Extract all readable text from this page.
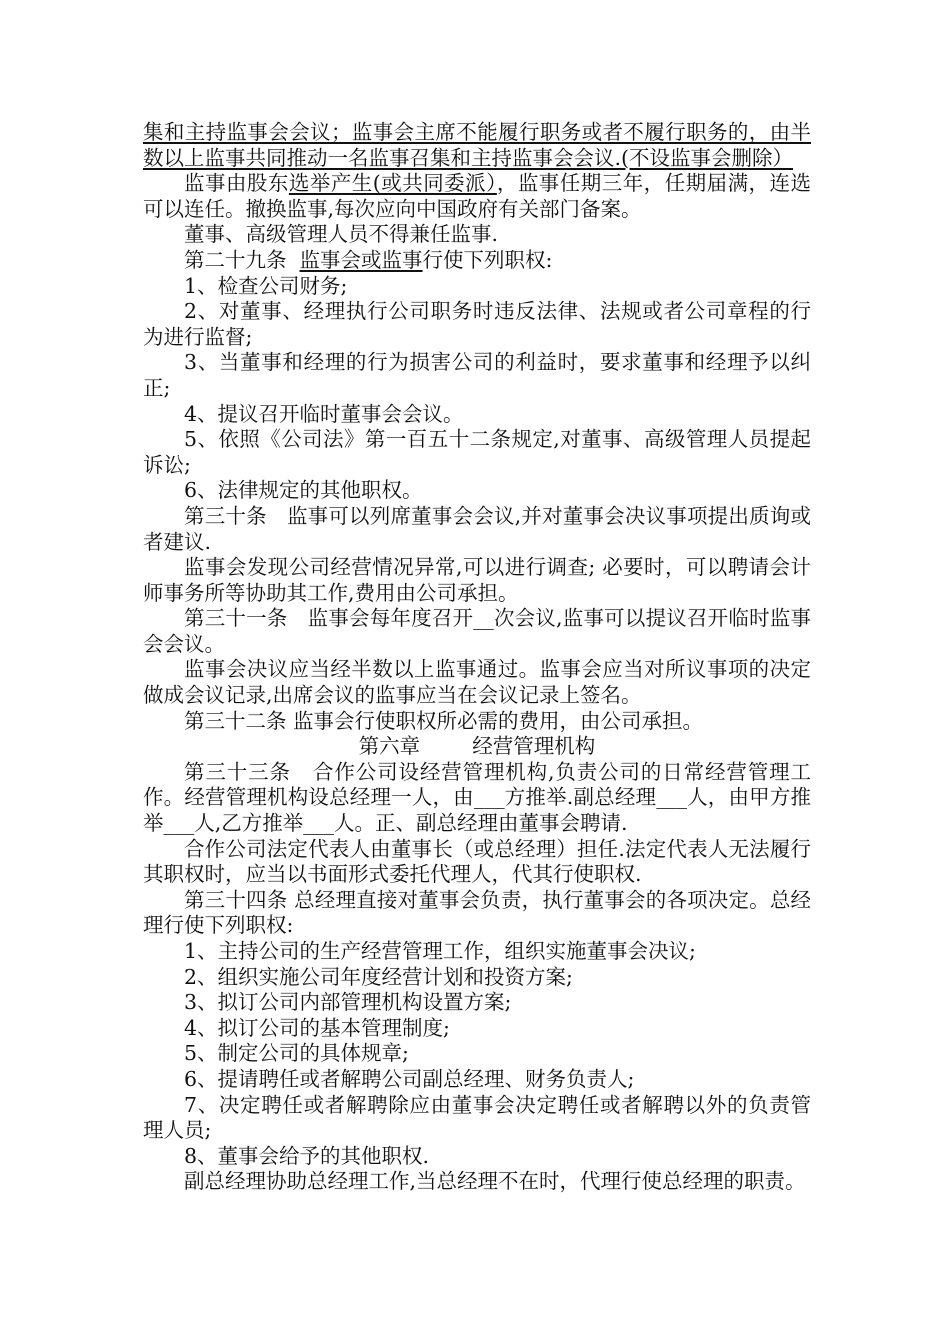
集和主持监事会会议；监事会主席不能履行职务或者不履行职务的，由半数以上监事共同推动一名监事召集和主持监事会会议.(不设监事会删除）

监事由股东选举产生(或共同委派），监事任期三年，任期届满，连选可以连任。撤换监事,每次应向中国政府有关部门备案。

董事、高级管理人员不得兼任监事.

第二十九条  监事会或监事行使下列职权:

1、检查公司财务;

2、对董事、经理执行公司职务时违反法律、法规或者公司章程的行为进行监督;

3、当董事和经理的行为损害公司的利益时，要求董事和经理予以纠正;

4、提议召开临时董事会会议。

5、依照《公司法》第一百五十二条规定,对董事、高级管理人员提起诉讼;

6、法律规定的其他职权。

第三十条   监事可以列席董事会会议,并对董事会决议事项提出质询或者建议.

监事会发现公司经营情况异常,可以进行调查; 必要时，可以聘请会计师事务所等协助其工作,费用由公司承担。

第三十一条   监事会每年度召开__次会议,监事可以提议召开临时监事会会议。

监事会决议应当经半数以上监事通过。监事会应当对所议事项的决定做成会议记录,出席会议的监事应当在会议记录上签名。

第三十二条 监事会行使职权所必需的费用，由公司承担。

第六章        经营管理机构

第三十三条   合作公司设经营管理机构,负责公司的日常经营管理工作。经营管理机构设总经理一人，由___方推举.副总经理___人，由甲方推举___人,乙方推举___人。正、副总经理由董事会聘请.

合作公司法定代表人由董事长（或总经理）担任.法定代表人无法履行其职权时，应当以书面形式委托代理人，代其行使职权.

第三十四条 总经理直接对董事会负责，执行董事会的各项决定。总经理行使下列职权:

1、主持公司的生产经营管理工作，组织实施董事会决议;

2、组织实施公司年度经营计划和投资方案;

3、拟订公司内部管理机构设置方案;

4、拟订公司的基本管理制度;

5、制定公司的具体规章;

6、提请聘任或者解聘公司副总经理、财务负责人;

7、决定聘任或者解聘除应由董事会决定聘任或者解聘以外的负责管理人员;

8、董事会给予的其他职权.

副总经理协助总经理工作,当总经理不在时，代理行使总经理的职责。
